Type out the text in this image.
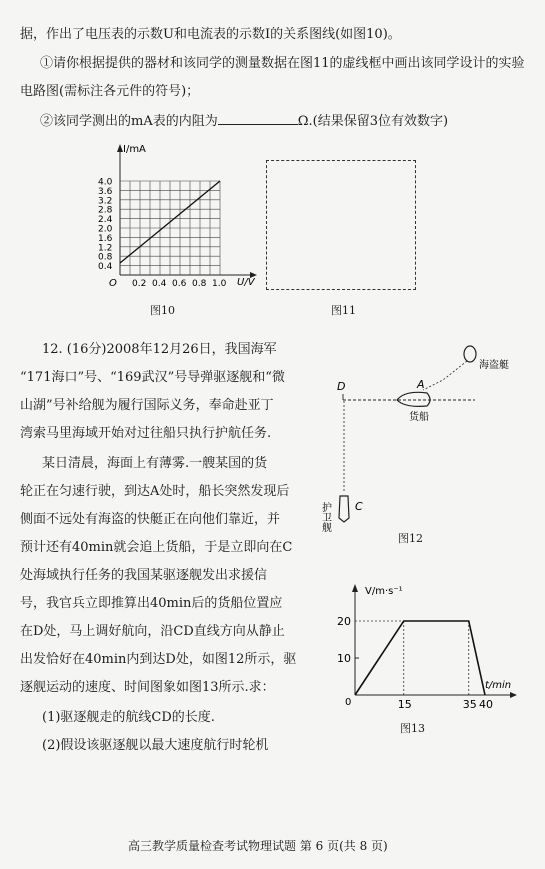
据，作出了电压表的示数U和电流表的示数I的关系图线(如图10)。
①请你根据提供的器材和该同学的测量数据在图11的虚线框中画出该同学设计的实验
电路图(需标注各元件的符号)；
②该同学测出的mA表的内阻为	Ω.(结果保留3位有效数字)
I/mA
U/V
O
4.0
3.6
3.2
2.8
2.4
2.0
1.6
1.2
0.8
0.4
0.2 0.4 0.6 0.8 1.0
图10	图11
12. (16分)2008年12月26日，我国海军
“171海口”号、“169武汉”号导弹驱逐舰和“微
山湖”号补给舰为履行国际义务，奉命赴亚丁
湾索马里海域开始对过往船只执行护航任务.
某日清晨，海面上有薄雾.一艘某国的货
轮正在匀速行驶，到达A处时，船长突然发现后
侧面不远处有海盗的快艇正在向他们靠近，并
预计还有40min就会追上货船，于是立即向在C
处海域执行任务的我国某驱逐舰发出求援信
号，我官兵立即推算出40min后的货船位置应
在D处，马上调好航向，沿CD直线方向从静止
出发恰好在40min内到达D处，如图12所示，驱
逐舰运动的速度、时间图象如图13所示.求：
(1)驱逐舰走的航线CD的长度.
(2)假设该驱逐舰以最大速度航行时轮机
海盗艇
D	A
货船
C
护卫舰
图12
20
10
15	35 40
V/m·s⁻¹
t/min
0
图13
高三教学质量检查考试物理试题 第 6 页(共 8 页)
